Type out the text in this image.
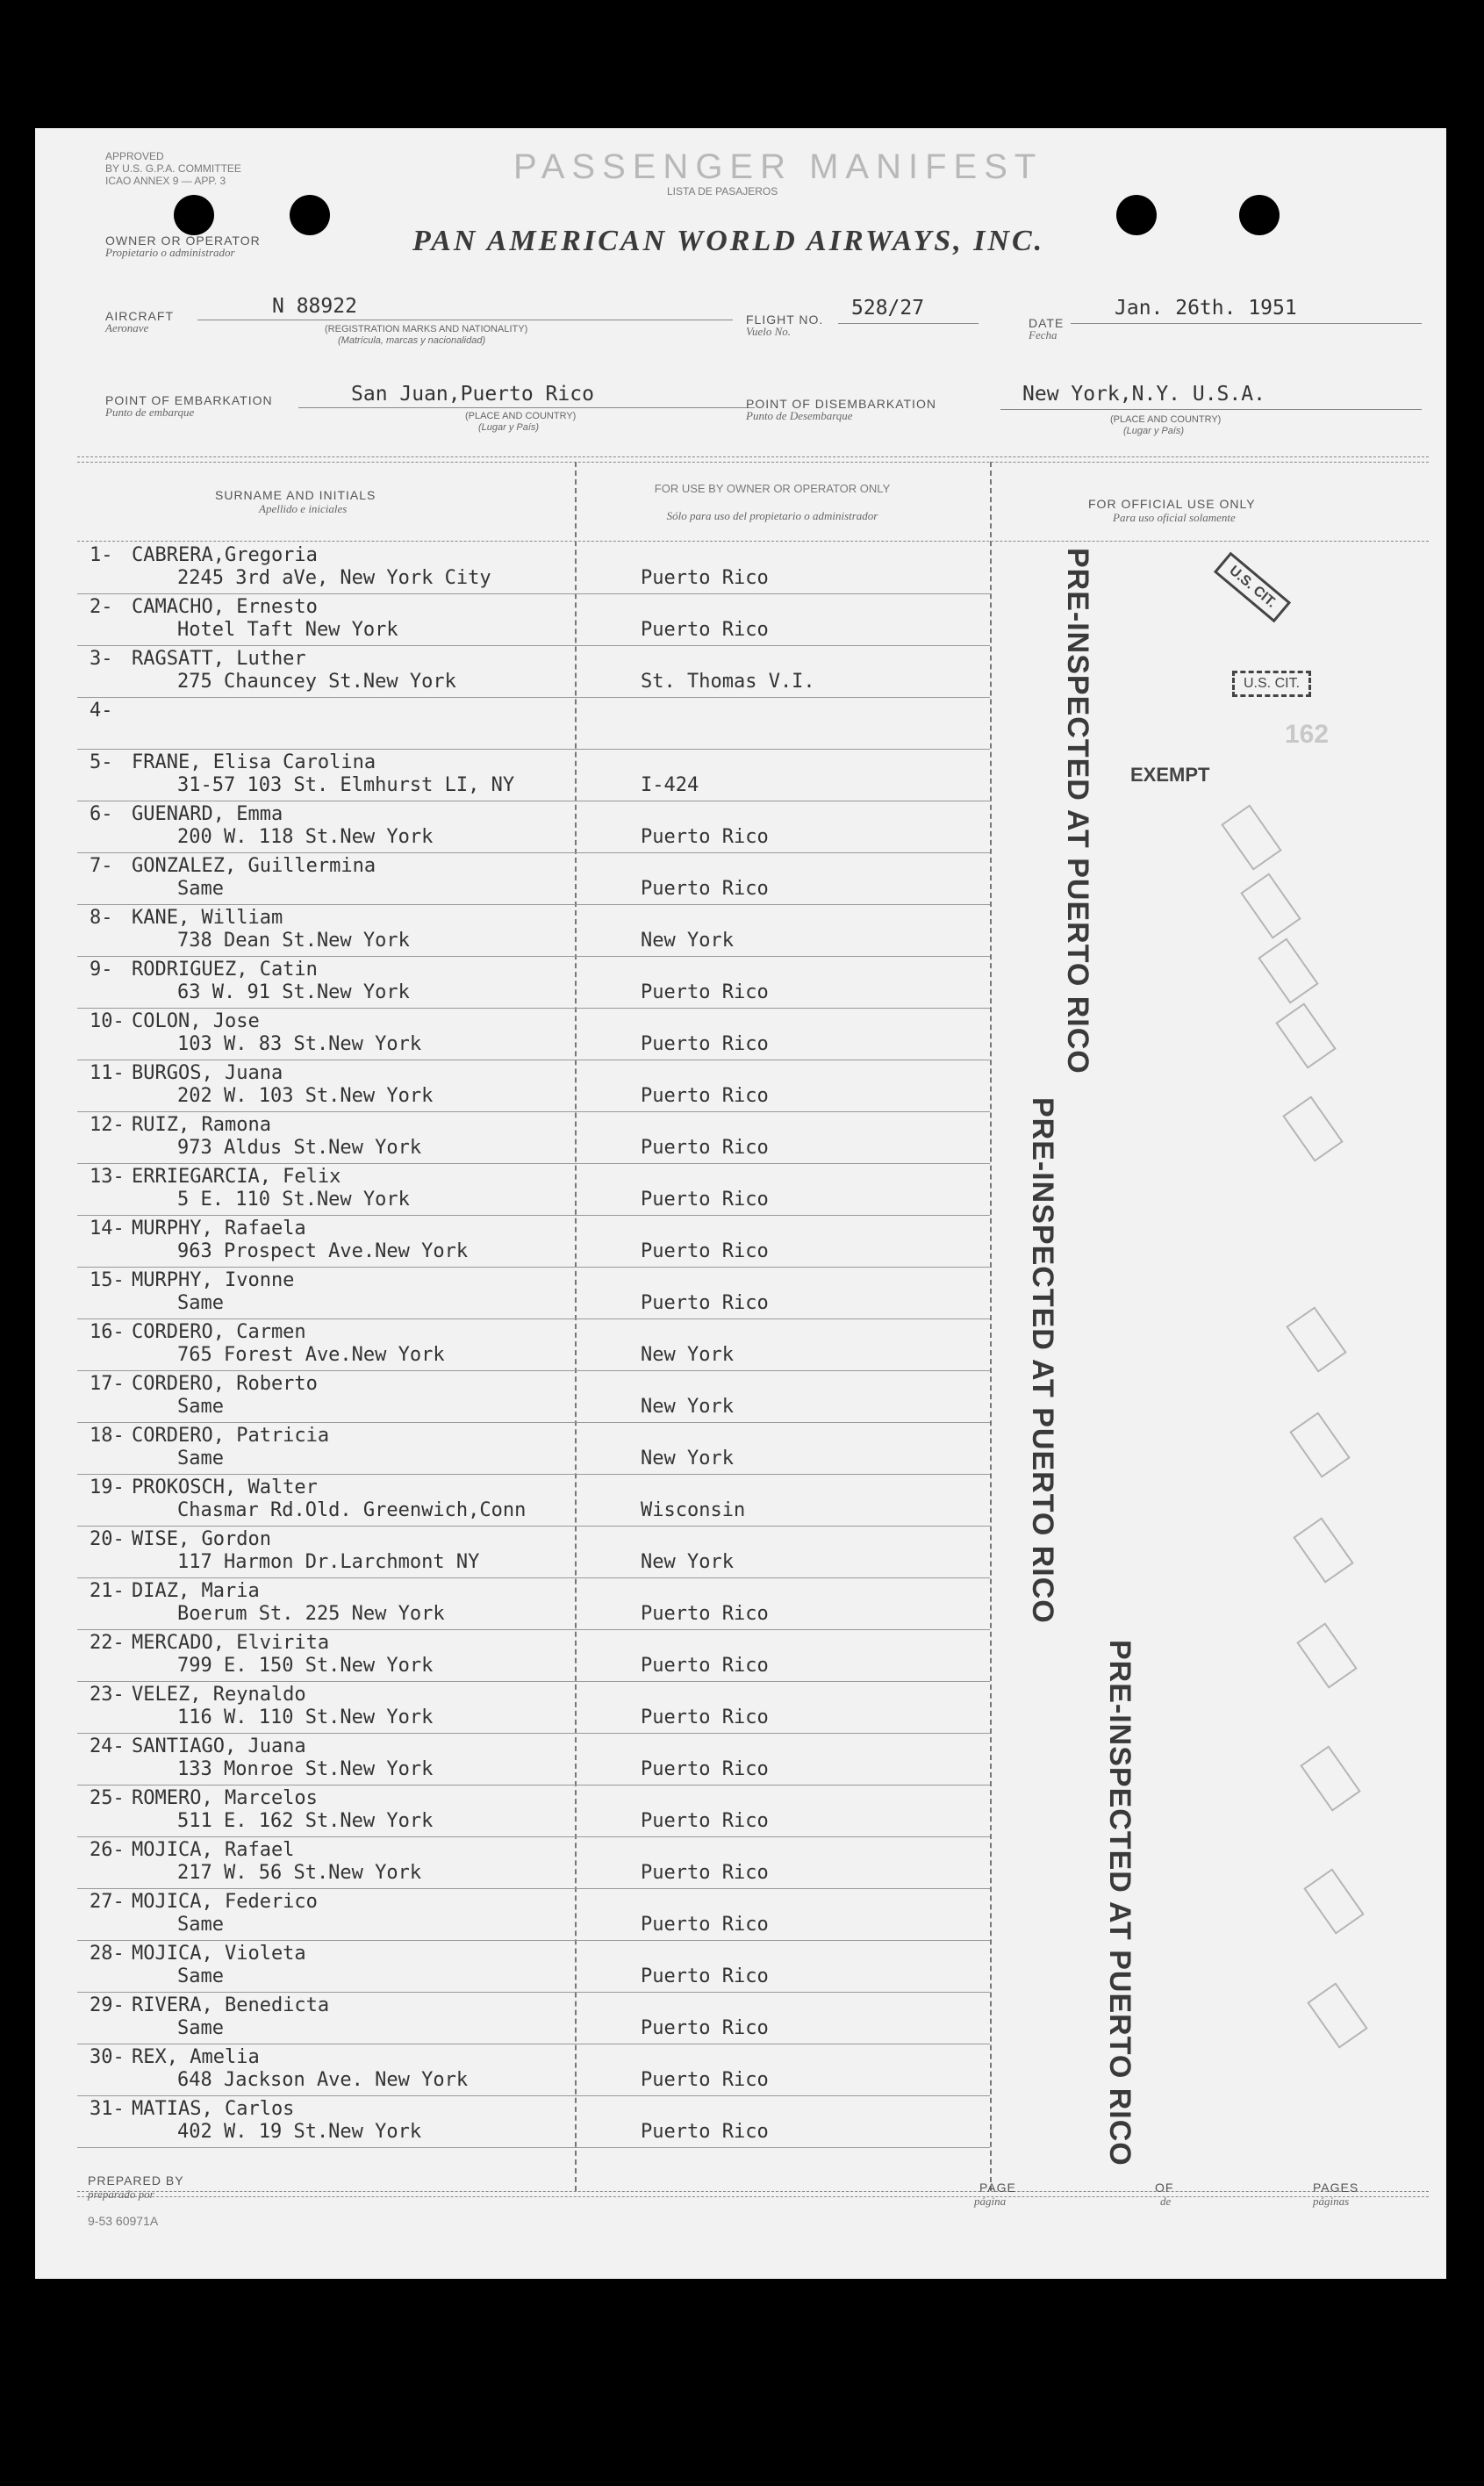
APPROVED
BY U.S. G.P.A. COMMITTEE
ICAO ANNEX 9 — APP. 3	PASSENGER MANIFEST
LISTA DE PASAJEROS
OWNER OR OPERATOR
Propietario o administrador	PAN AMERICAN WORLD AIRWAYS, INC.
AIRCRAFT
Aeronave
N 88922
(REGISTRATION MARKS AND NATIONALITY)
(Matrícula, marcas y nacionalidad)
FLIGHT NO.
Vuelo No.
528/27
DATE
Fecha
Jan. 26th. 1951
POINT OF EMBARKATION
Punto de embarque
San Juan,Puerto Rico
(PLACE AND COUNTRY)
(Lugar y País)
POINT OF DISEMBARKATION
Punto de Desembarque
New York,N.Y. U.S.A.
(PLACE AND COUNTRY)
(Lugar y País)
SURNAME AND INITIALS
Apellido e iniciales
FOR USE BY OWNER OR OPERATOR ONLY
Sólo para uso del propietario o administrador
FOR OFFICIAL USE ONLY
Para uso oficial solamente
1- CABRERA,Gregoria
2245 3rd aVe, New York City	Puerto Rico
2- CAMACHO, Ernesto
Hotel Taft New York	Puerto Rico
3- RAGSATT, Luther
275 Chauncey St.New York	St. Thomas V.I.
4-
5- FRANE, Elisa Carolina
31-57 103 St. Elmhurst LI, NY	I-424
6- GUENARD, Emma
200 W. 118 St.New York	Puerto Rico
7- GONZALEZ, Guillermina
Same	Puerto Rico
8- KANE, William
738 Dean St.New York	New York
9- RODRIGUEZ, Catin
63 W. 91 St.New York	Puerto Rico
10- COLON, Jose
103 W. 83 St.New York	Puerto Rico
11- BURGOS, Juana
202 W. 103 St.New York	Puerto Rico
12- RUIZ, Ramona
973 Aldus St.New York	Puerto Rico
13- ERRIEGARCIA, Felix
5 E. 110 St.New York	Puerto Rico
14- MURPHY, Rafaela
963 Prospect Ave.New York	Puerto Rico
15- MURPHY, Ivonne
Same	Puerto Rico
16- CORDERO, Carmen
765 Forest Ave.New York	New York
17- CORDERO, Roberto
Same	New York
18- CORDERO, Patricia
Same	New York
19- PROKOSCH, Walter
Chasmar Rd.Old. Greenwich,Conn	Wisconsin
20- WISE, Gordon
117 Harmon Dr.Larchmont NY	New York
21- DIAZ, Maria
Boerum St. 225 New York	Puerto Rico
22- MERCADO, Elvirita
799 E. 150 St.New York	Puerto Rico
23- VELEZ, Reynaldo
116 W. 110 St.New York	Puerto Rico
24- SANTIAGO, Juana
133 Monroe St.New York	Puerto Rico
25- ROMERO, Marcelos
511 E. 162 St.New York	Puerto Rico
26- MOJICA, Rafael
217 W. 56 St.New York	Puerto Rico
27- MOJICA, Federico
Same	Puerto Rico
28- MOJICA, Violeta
Same	Puerto Rico
29- RIVERA, Benedicta
Same	Puerto Rico
30- REX, Amelia
648 Jackson Ave. New York	Puerto Rico
31- MATIAS, Carlos
402 W. 19 St.New York	Puerto Rico
PRE-INSPECTED AT PUERTO RICO
PRE-INSPECTED AT PUERTO RICO
PRE-INSPECTED AT PUERTO RICO
U.S. CIT.
U.S. CIT.
EXEMPT
162
PREPARED BY
preparado por	PAGE
página
OF
de
PAGES
páginas
9-53 60971A
